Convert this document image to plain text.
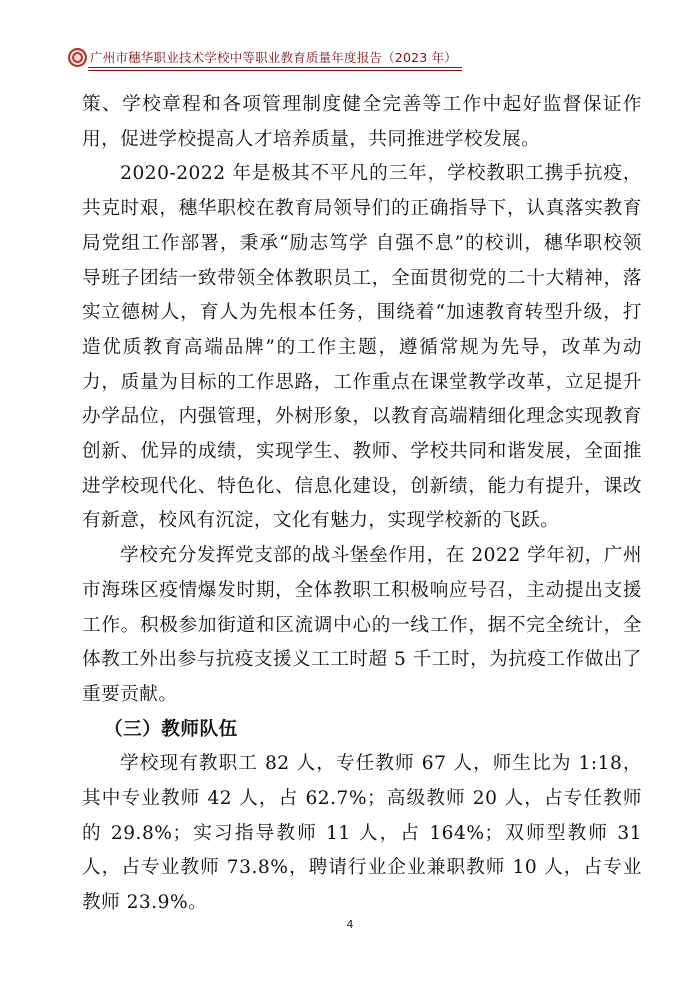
广州市穗华职业技术学校中等职业教育质量年度报告（2023 年）

策、学校章程和各项管理制度健全完善等工作中起好监督保证作用，促进学校提高人才培养质量，共同推进学校发展。

2020-2022 年是极其不平凡的三年，学校教职工携手抗疫，共克时艰，穗华职校在教育局领导们的正确指导下，认真落实教育局党组工作部署，秉承“励志笃学 自强不息”的校训，穗华职校领导班子团结一致带领全体教职员工，全面贯彻党的二十大精神，落实立德树人，育人为先根本任务，围绕着“加速教育转型升级，打造优质教育高端品牌”的工作主题，遵循常规为先导，改革为动力，质量为目标的工作思路，工作重点在课堂教学改革，立足提升办学品位，内强管理，外树形象，以教育高端精细化理念实现教育创新、优异的成绩，实现学生、教师、学校共同和谐发展，全面推进学校现代化、特色化、信息化建设，创新绩，能力有提升，课改有新意，校风有沉淀，文化有魅力，实现学校新的飞跃。

学校充分发挥党支部的战斗堡垒作用，在 2022 学年初，广州市海珠区疫情爆发时期，全体教职工积极响应号召，主动提出支援工作。积极参加街道和区流调中心的一线工作，据不完全统计，全体教工外出参与抗疫支援义工工时超 5 千工时，为抗疫工作做出了重要贡献。

（三）教师队伍

学校现有教职工 82 人，专任教师 67 人，师生比为 1:18，其中专业教师 42 人，占 62.7%；高级教师 20 人，占专任教师的 29.8%；实习指导教师 11 人，占 164%；双师型教师 31 人，占专业教师 73.8%，聘请行业企业兼职教师 10 人，占专业教师 23.9%。

4
